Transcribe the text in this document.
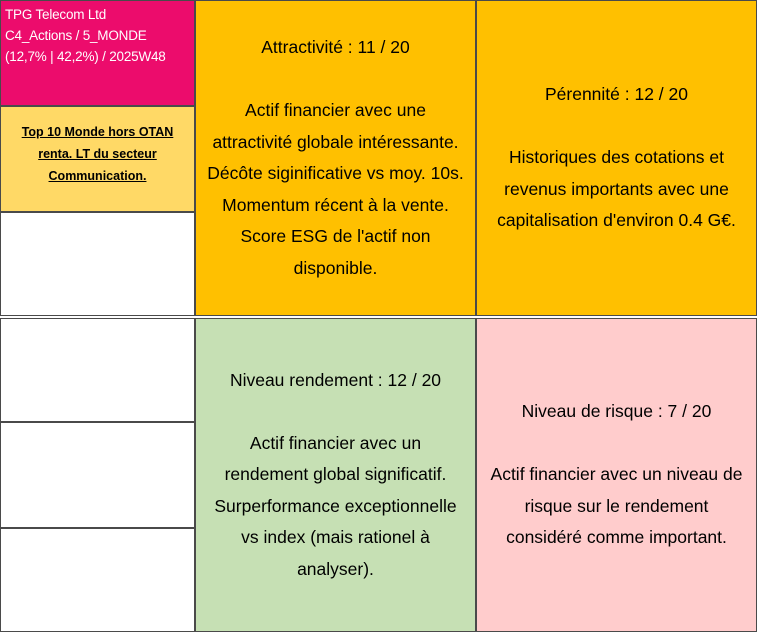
TPG Telecom Ltd
C4_Actions / 5_MONDE
(12,7% | 42,2%) / 2025W48
Top 10 Monde hors OTAN
renta. LT du secteur
Communication.
Attractivité : 11 / 20
Actif financier avec une
attractivité globale intéressante.
Décôte siginificative vs moy. 10s.
Momentum récent à la vente.
Score ESG de l'actif non
disponible.
Pérennité : 12 / 20
Historiques des cotations et
revenus importants avec une
capitalisation d'environ 0.4 G€.
Niveau rendement : 12 / 20
Actif financier avec un
rendement global significatif.
Surperformance exceptionnelle
vs index (mais rationel à
analyser).
Niveau de risque : 7 / 20
Actif financier avec un niveau de
risque sur le rendement
considéré comme important.
